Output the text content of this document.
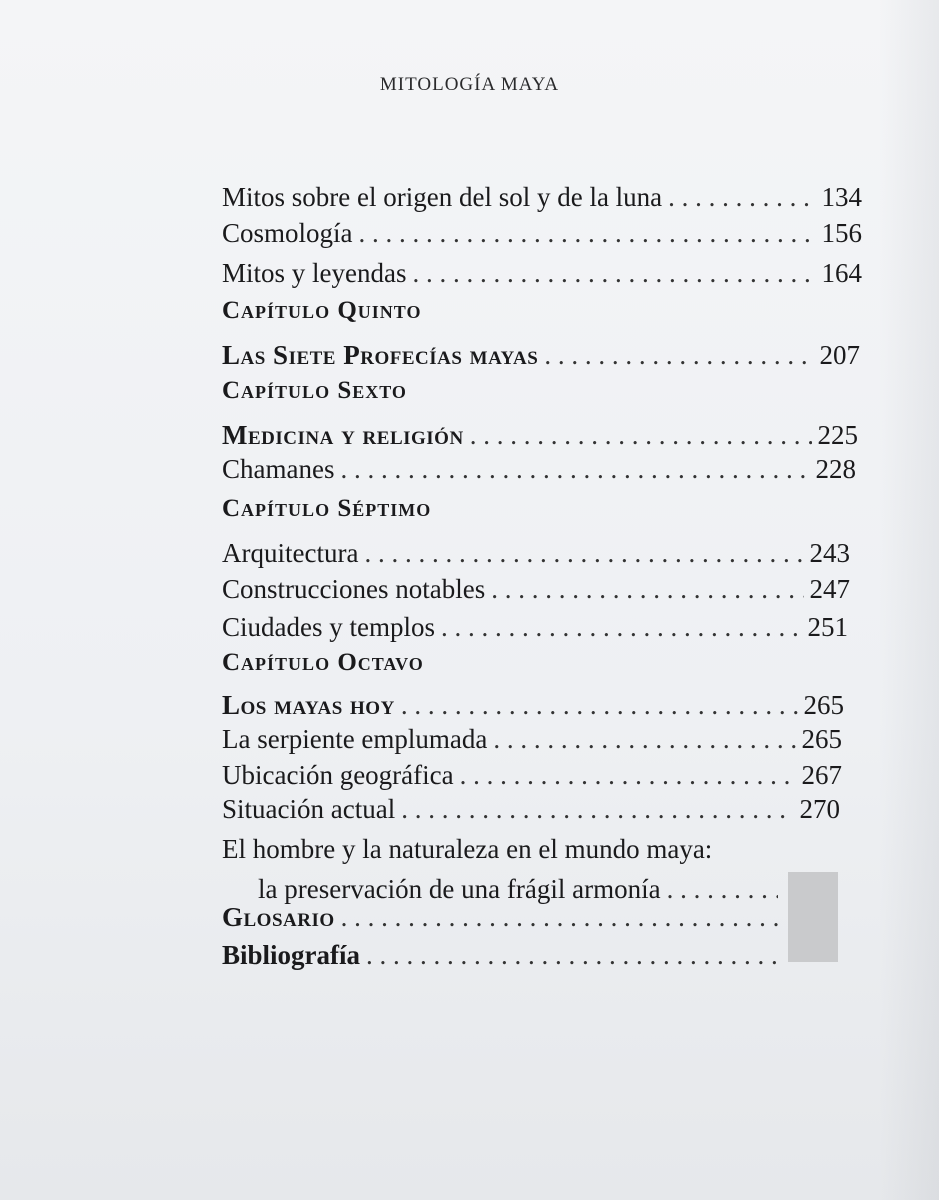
MITOLOGÍA MAYA
Mitos sobre el origen del sol y de la luna . . .	134
Cosmología . . .	156
Mitos y leyendas . . .	164
Capítulo Quinto
Las Siete Profecías mayas . . .	207
Capítulo Sexto
Medicina y religión . . .	225
Chamanes . . .	228
Capítulo Séptimo
Arquitectura . . .	243
Construcciones notables . . .	247
Ciudades y templos . . .	251
Capítulo Octavo
Los mayas hoy . . .	265
La serpiente emplumada . . .	265
Ubicación geográfica . . .	267
Situación actual . . .	270
El hombre y la naturaleza en el mundo maya:
la preservación de una frágil armonía
. . .
Glosario
. . .
Bibliografía
. . .
